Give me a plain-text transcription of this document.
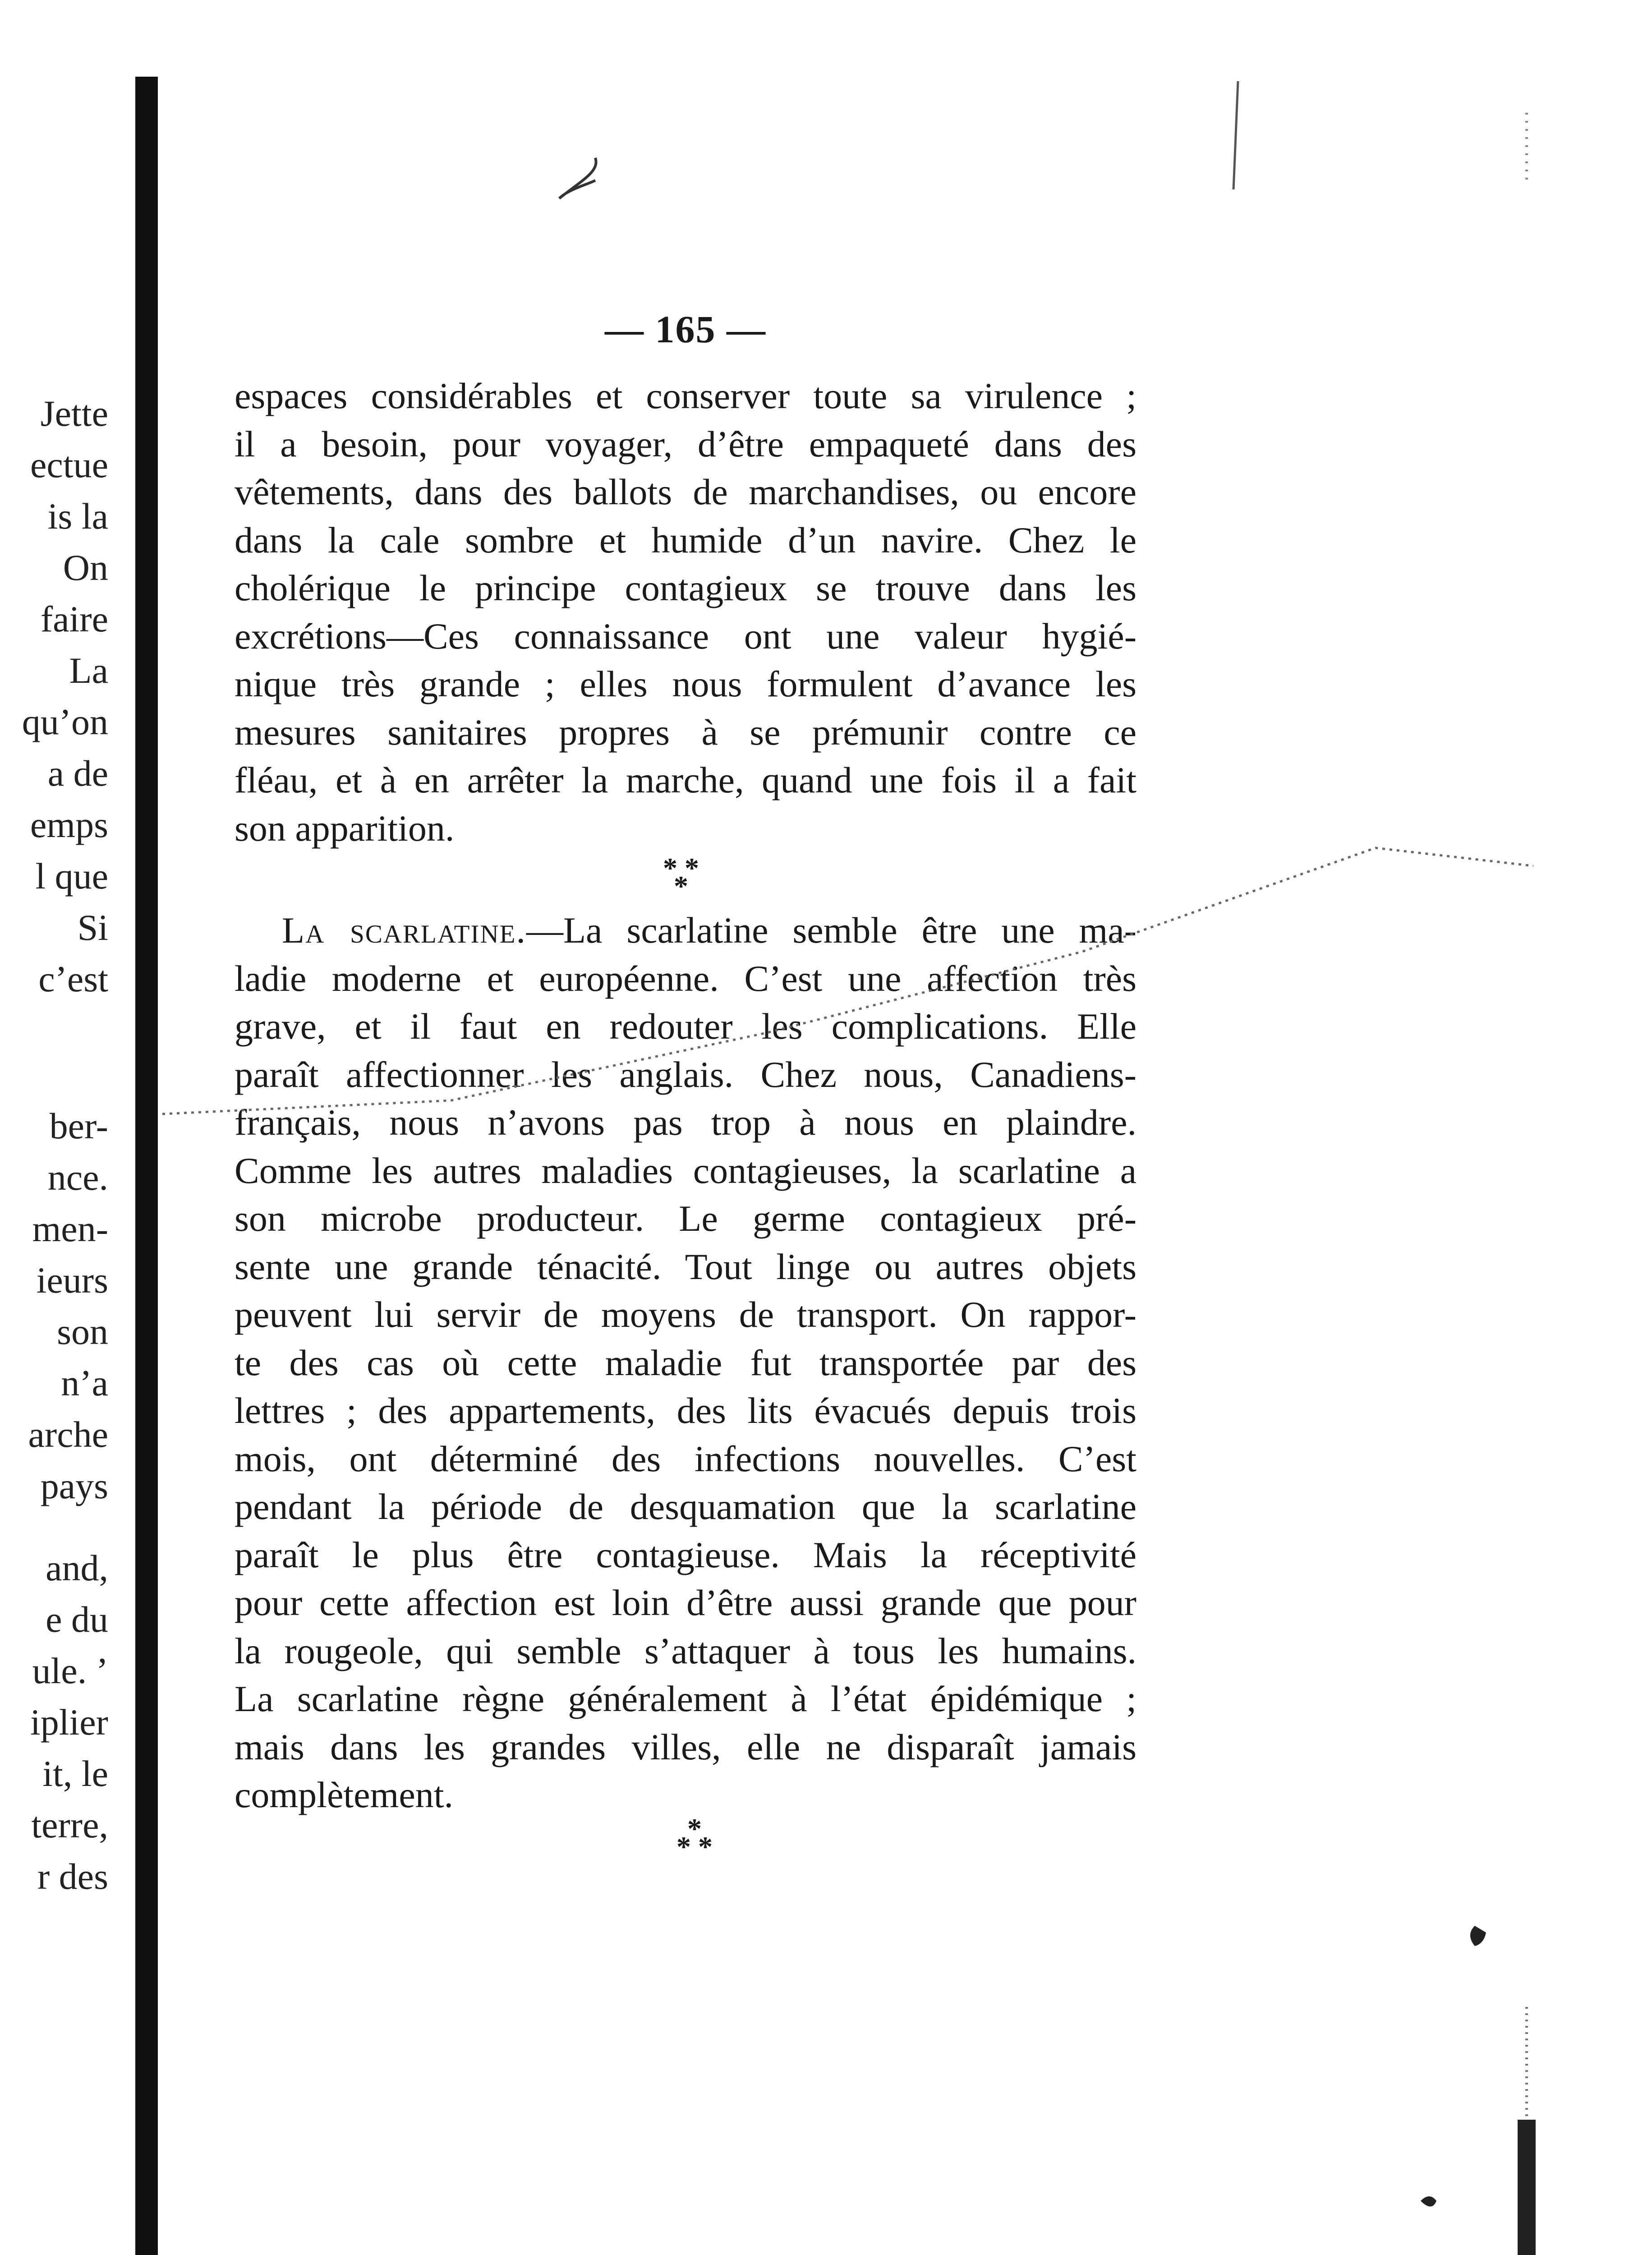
Jette
ectue
is la
On
faire
La
qu’on
a de
emps
l que
Si
c’est
ber-
nce.
men-
ieurs
son
n’a
arche
pays
and,
e du
ule. ’
iplier
it, le
terre,
r des
— 165 —
espaces considérables et conserver toute sa virulence ;
il a besoin, pour voyager, d’être empaqueté dans des
vêtements, dans des ballots de marchandises, ou encore
dans la cale sombre et humide d’un navire. Chez le
cholérique le principe contagieux se trouve dans les
excrétions—Ces connaissance ont une valeur hygié-
nique très grande ; elles nous formulent d’avance les
mesures sanitaires propres à se prémunir contre ce
fléau, et à en arrêter la marche, quand une fois il a fait
son apparition.
* *
*
La scarlatine.—La scarlatine semble être une ma-
ladie moderne et européenne. C’est une affection très
grave, et il faut en redouter les complications. Elle
paraît affectionner les anglais. Chez nous, Canadiens-
français, nous n’avons pas trop à nous en plaindre.
Comme les autres maladies contagieuses, la scarlatine a
son microbe producteur. Le germe contagieux pré-
sente une grande ténacité. Tout linge ou autres objets
peuvent lui servir de moyens de transport. On rappor-
te des cas où cette maladie fut transportée par des
lettres ; des appartements, des lits évacués depuis trois
mois, ont déterminé des infections nouvelles. C’est
pendant la période de desquamation que la scarlatine
paraît le plus être contagieuse. Mais la réceptivité
pour cette affection est loin d’être aussi grande que pour
la rougeole, qui semble s’attaquer à tous les humains.
La scarlatine règne généralement à l’état épidémique ;
mais dans les grandes villes, elle ne disparaît jamais
complètement.
*
* *
